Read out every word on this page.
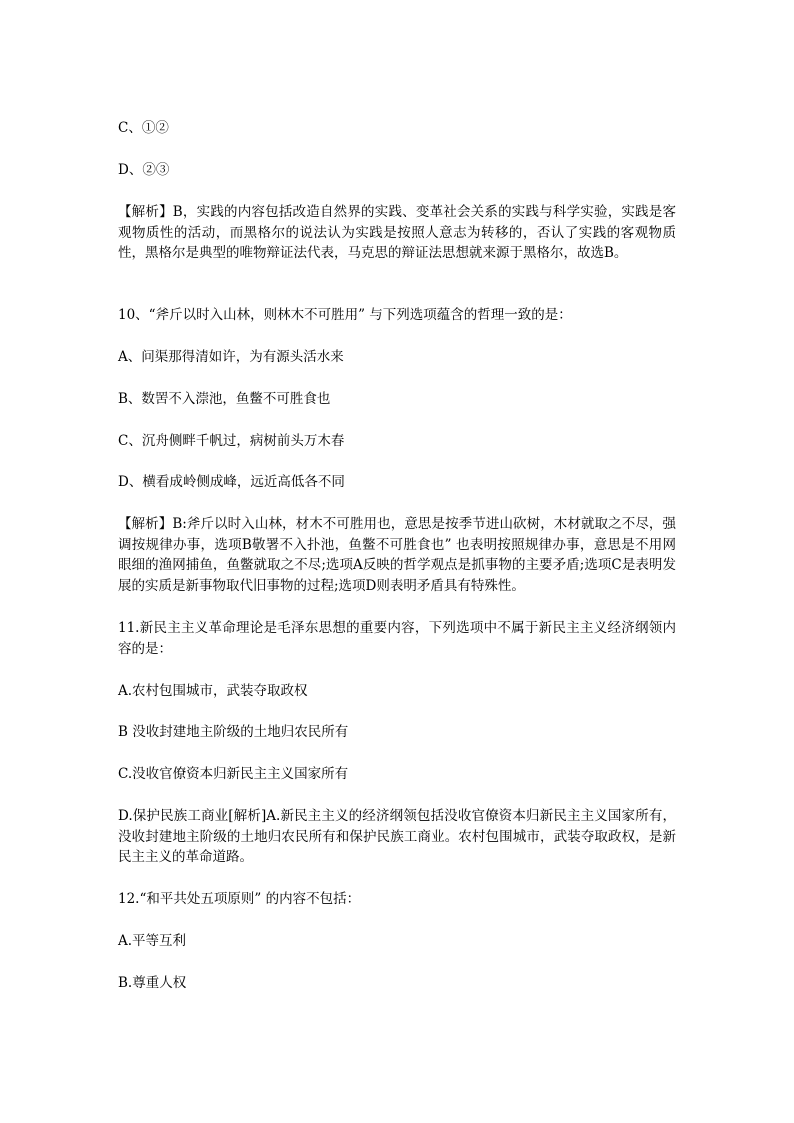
C、①②

D、②③

【解析】B，实践的内容包括改造自然界的实践、变革社会关系的实践与科学实验，实践是客观物质性的活动，而黑格尔的说法认为实践是按照人意志为转移的，否认了实践的客观物质性，黑格尔是典型的唯物辩证法代表，马克思的辩证法思想就来源于黑格尔，故选B。

10、“斧斤以时入山林，则林木不可胜用” 与下列选项蕴含的哲理一致的是：

A、问渠那得清如许，为有源头活水来

B、数罟不入漴池，鱼鳖不可胜食也

C、沉舟侧畔千帆过，病树前头万木春

D、横看成岭侧成峰，远近高低各不同

【解析】B:斧斤以时入山林，材木不可胜用也，意思是按季节进山砍树，木材就取之不尽，强调按规律办事，选项B敬署不入扑池，鱼鳖不可胜食也” 也表明按照规律办事，意思是不用网眼细的渔网捕鱼，鱼鳖就取之不尽;选项A反映的哲学观点是抓事物的主要矛盾;选项C是表明发展的实质是新事物取代旧事物的过程;选项D则表明矛盾具有特殊性。

11.新民主主义革命理论是毛泽东思想的重要内容，下列选项中不属于新民主主义经济纲领内容的是：

A.农村包围城市，武装夺取政权

B 没收封建地主阶级的土地归农民所有

C.没收官僚资本归新民主主义国家所有

D.保护民族工商业[解析]A.新民主主义的经济纲领包括没收官僚资本归新民主主义国家所有，没收封建地主阶级的土地归农民所有和保护民族工商业。农村包围城市，武装夺取政权，是新民主主义的革命道路。

12.“和平共处五项原则” 的内容不包括：

A.平等互利

B.尊重人权
